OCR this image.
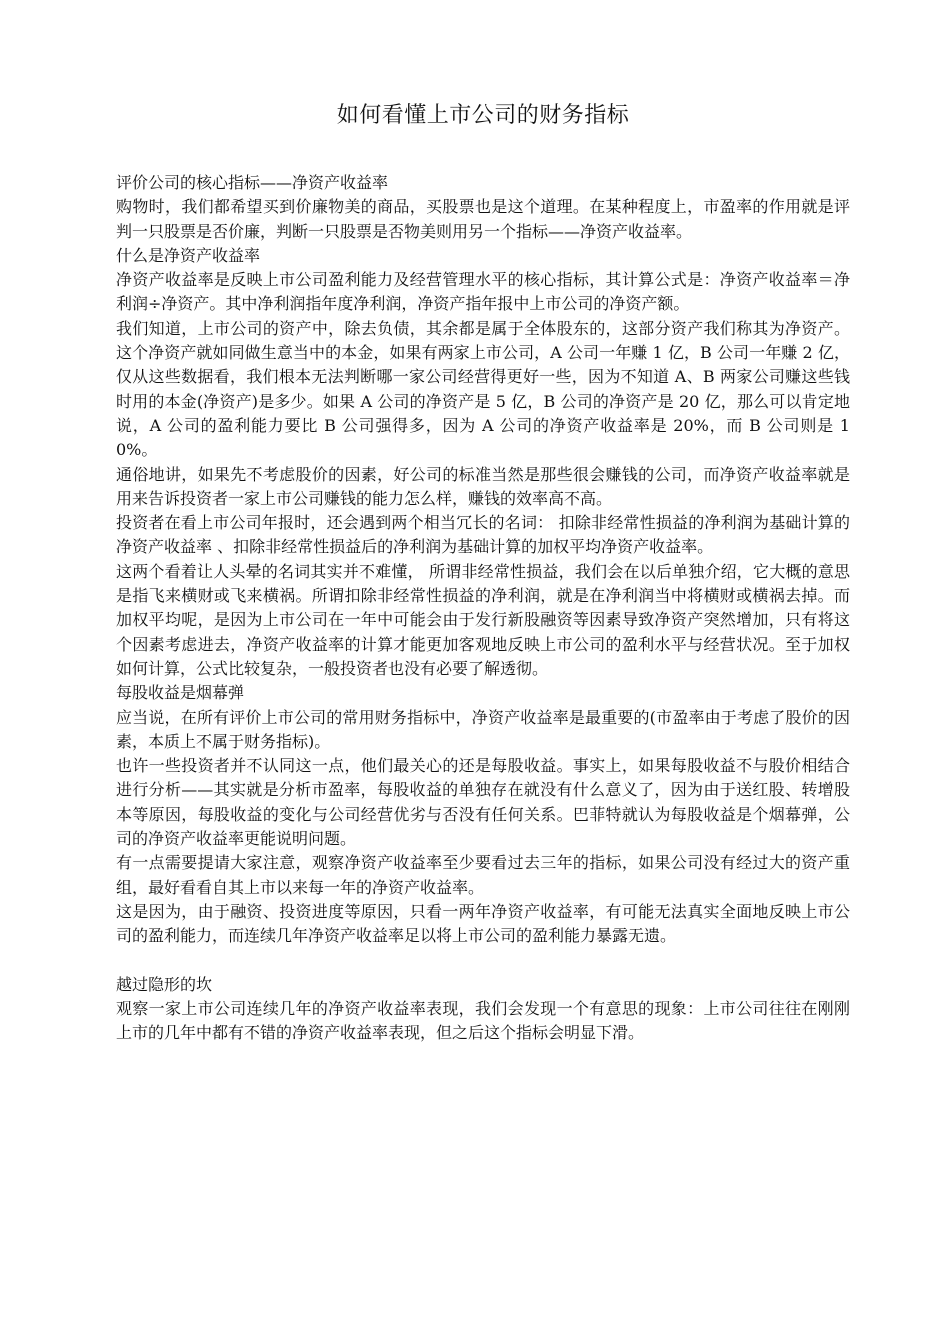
如何看懂上市公司的财务指标

评价公司的核心指标——净资产收益率

购物时，我们都希望买到价廉物美的商品，买股票也是这个道理。在某种程度上，市盈率的作用就是评判一只股票是否价廉，判断一只股票是否物美则用另一个指标——净资产收益率。

什么是净资产收益率

净资产收益率是反映上市公司盈利能力及经营管理水平的核心指标，其计算公式是：净资产收益率＝净利润÷净资产。其中净利润指年度净利润，净资产指年报中上市公司的净资产额。

我们知道，上市公司的资产中，除去负债，其余都是属于全体股东的，这部分资产我们称其为净资产。这个净资产就如同做生意当中的本金，如果有两家上市公司，A 公司一年赚 1 亿，B 公司一年赚 2 亿，仅从这些数据看，我们根本无法判断哪一家公司经营得更好一些，因为不知道 A、B 两家公司赚这些钱时用的本金(净资产)是多少。如果 A 公司的净资产是 5 亿，B 公司的净资产是 20 亿，那么可以肯定地说，A 公司的盈利能力要比 B 公司强得多，因为 A 公司的净资产收益率是 20%，而 B 公司则是 10%。

通俗地讲，如果先不考虑股价的因素，好公司的标准当然是那些很会赚钱的公司，而净资产收益率就是用来告诉投资者一家上市公司赚钱的能力怎么样，赚钱的效率高不高。

投资者在看上市公司年报时，还会遇到两个相当冗长的名词： 扣除非经常性损益的净利润为基础计算的净资产收益率 、扣除非经常性损益后的净利润为基础计算的加权平均净资产收益率。

这两个看着让人头晕的名词其实并不难懂， 所谓非经常性损益，我们会在以后单独介绍，它大概的意思是指飞来横财或飞来横祸。所谓扣除非经常性损益的净利润，就是在净利润当中将横财或横祸去掉。而加权平均呢，是因为上市公司在一年中可能会由于发行新股融资等因素导致净资产突然增加，只有将这个因素考虑进去，净资产收益率的计算才能更加客观地反映上市公司的盈利水平与经营状况。至于加权如何计算，公式比较复杂，一般投资者也没有必要了解透彻。

每股收益是烟幕弹

应当说，在所有评价上市公司的常用财务指标中，净资产收益率是最重要的(市盈率由于考虑了股价的因素，本质上不属于财务指标)。

也许一些投资者并不认同这一点，他们最关心的还是每股收益。事实上，如果每股收益不与股价相结合进行分析——其实就是分析市盈率，每股收益的单独存在就没有什么意义了，因为由于送红股、转增股本等原因，每股收益的变化与公司经营优劣与否没有任何关系。巴菲特就认为每股收益是个烟幕弹，公司的净资产收益率更能说明问题。

有一点需要提请大家注意，观察净资产收益率至少要看过去三年的指标，如果公司没有经过大的资产重组，最好看看自其上市以来每一年的净资产收益率。

这是因为，由于融资、投资进度等原因，只看一两年净资产收益率，有可能无法真实全面地反映上市公司的盈利能力，而连续几年净资产收益率足以将上市公司的盈利能力暴露无遗。

越过隐形的坎

观察一家上市公司连续几年的净资产收益率表现，我们会发现一个有意思的现象：上市公司往往在刚刚上市的几年中都有不错的净资产收益率表现，但之后这个指标会明显下滑。
